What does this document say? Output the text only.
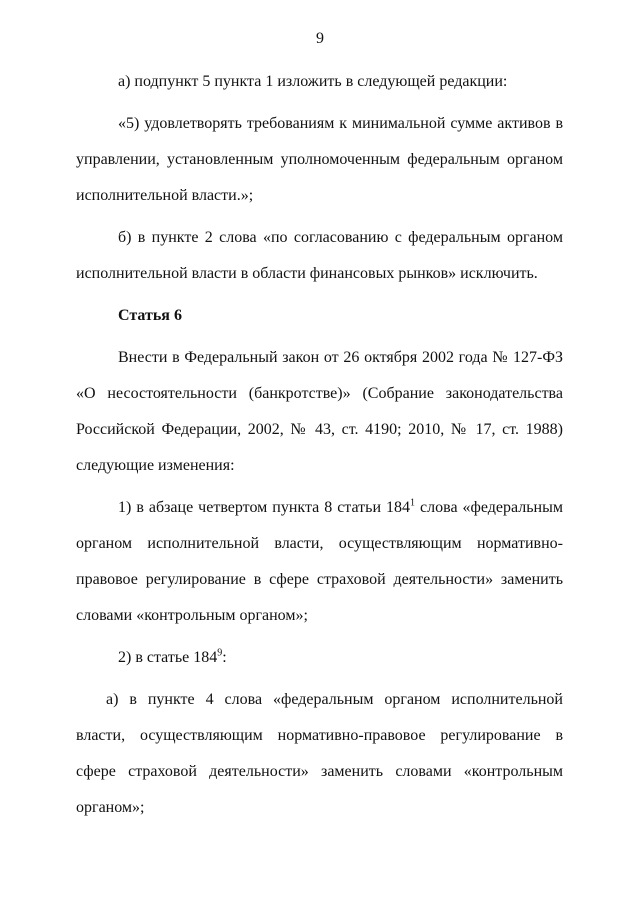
9

а) подпункт 5 пункта 1 изложить в следующей редакции:

«5) удовлетворять требованиям к минимальной сумме активов в управлении, установленным уполномоченным федеральным органом исполнительной власти.»;

б) в пункте 2 слова «по согласованию с федеральным органом исполнительной власти в области финансовых рынков» исключить.

Статья 6

Внести в Федеральный закон от 26 октября 2002 года № 127-ФЗ «О несостоятельности (банкротстве)» (Собрание законодательства Российской Федерации, 2002, № 43, ст. 4190; 2010, № 17, ст. 1988) следующие изменения:

1) в абзаце четвертом пункта 8 статьи $184^1$ слова «федеральным органом исполнительной власти, осуществляющим нормативно-правовое регулирование в сфере страховой деятельности» заменить словами «контрольным органом»;

2) в статье $184^9$:

а) в пункте 4 слова «федеральным органом исполнительной власти, осуществляющим нормативно-правовое регулирование в сфере страховой деятельности» заменить словами «контрольным органом»;
